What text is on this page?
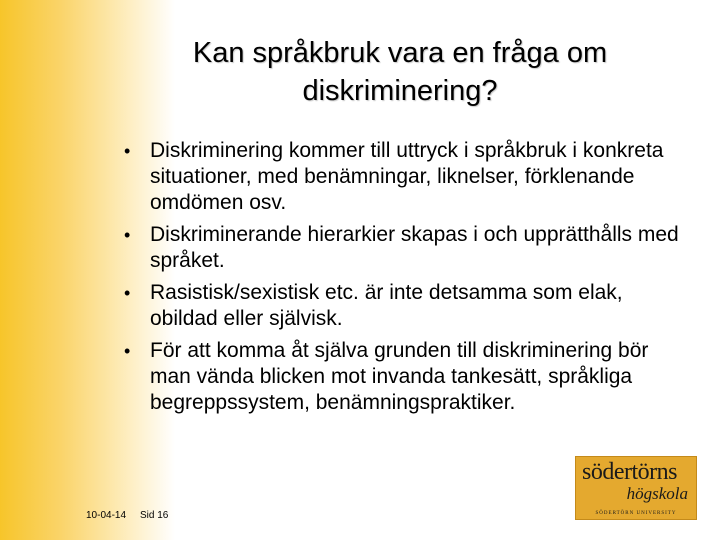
Kan språkbruk vara en fråga om
diskriminering?
• Diskriminering kommer till uttryck i språkbruk i konkreta situationer, med benämningar, liknelser, förklenande omdömen osv.
• Diskriminerande hierarkier skapas i och upprätthålls med språket.
• Rasistisk/sexistisk etc. är inte detsamma som elak, obildad eller självisk.
• För att komma åt själva grunden till diskriminering bör man vända blicken mot invanda tankesätt, språkliga begreppssystem, benämningspraktiker.
10-04-14 Sid 16
södertörns
högskola
SÖDERTÖRN UNIVERSITY
